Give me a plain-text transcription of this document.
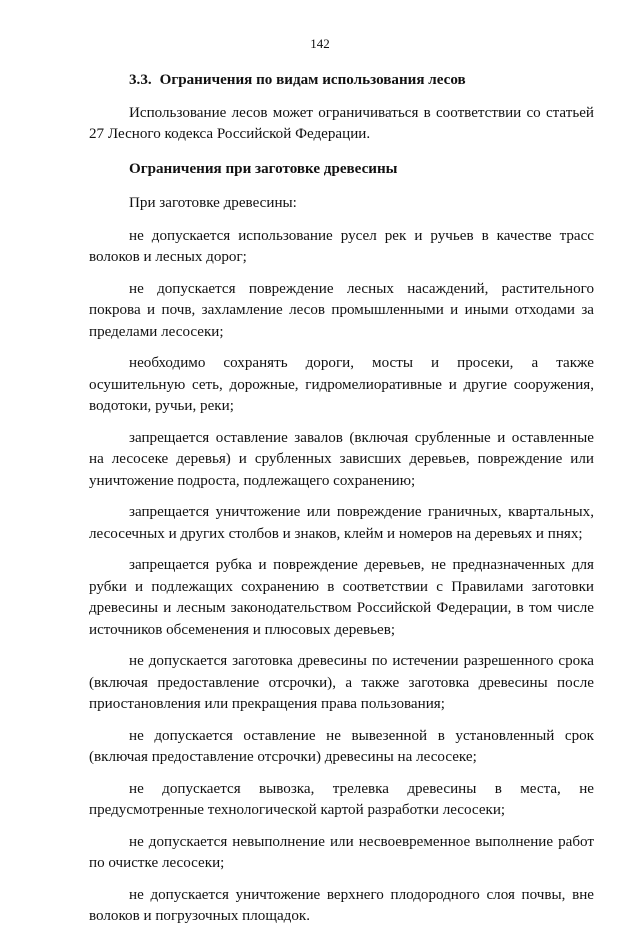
142
3.3. Ограничения по видам использования лесов

Использование лесов может ограничиваться в соответствии со статьей 27 Лесного кодекса Российской Федерации.

Ограничения при заготовке древесины

При заготовке древесины:

не допускается использование русел рек и ручьев в качестве трасс волоков и лесных дорог;

не допускается повреждение лесных насаждений, растительного покрова и почв, захламление лесов промышленными и иными отходами за пределами лесосеки;

необходимо сохранять дороги, мосты и просеки, а также осушительную сеть, дорожные, гидромелиоративные и другие сооружения, водотоки, ручьи, реки;

запрещается оставление завалов (включая срубленные и оставленные на лесосеке деревья) и срубленных зависших деревьев, повреждение или уничтожение подроста, подлежащего сохранению;

запрещается уничтожение или повреждение граничных, квартальных, лесосечных и других столбов и знаков, клейм и номеров на деревьях и пнях;

запрещается рубка и повреждение деревьев, не предназначенных для рубки и подлежащих сохранению в соответствии с Правилами заготовки древесины и лесным законодательством Российской Федерации, в том числе источников обсеменения и плюсовых деревьев;

не допускается заготовка древесины по истечении разрешенного срока (включая предоставление отсрочки), а также заготовка древесины после приостановления или прекращения права пользования;

не допускается оставление не вывезенной в установленный срок (включая предоставление отсрочки) древесины на лесосеке;

не допускается вывозка, трелевка древесины в места, не предусмотренные технологической картой разработки лесосеки;

не допускается невыполнение или несвоевременное выполнение работ по очистке лесосеки;

не допускается уничтожение верхнего плодородного слоя почвы, вне волоков и погрузочных площадок.
